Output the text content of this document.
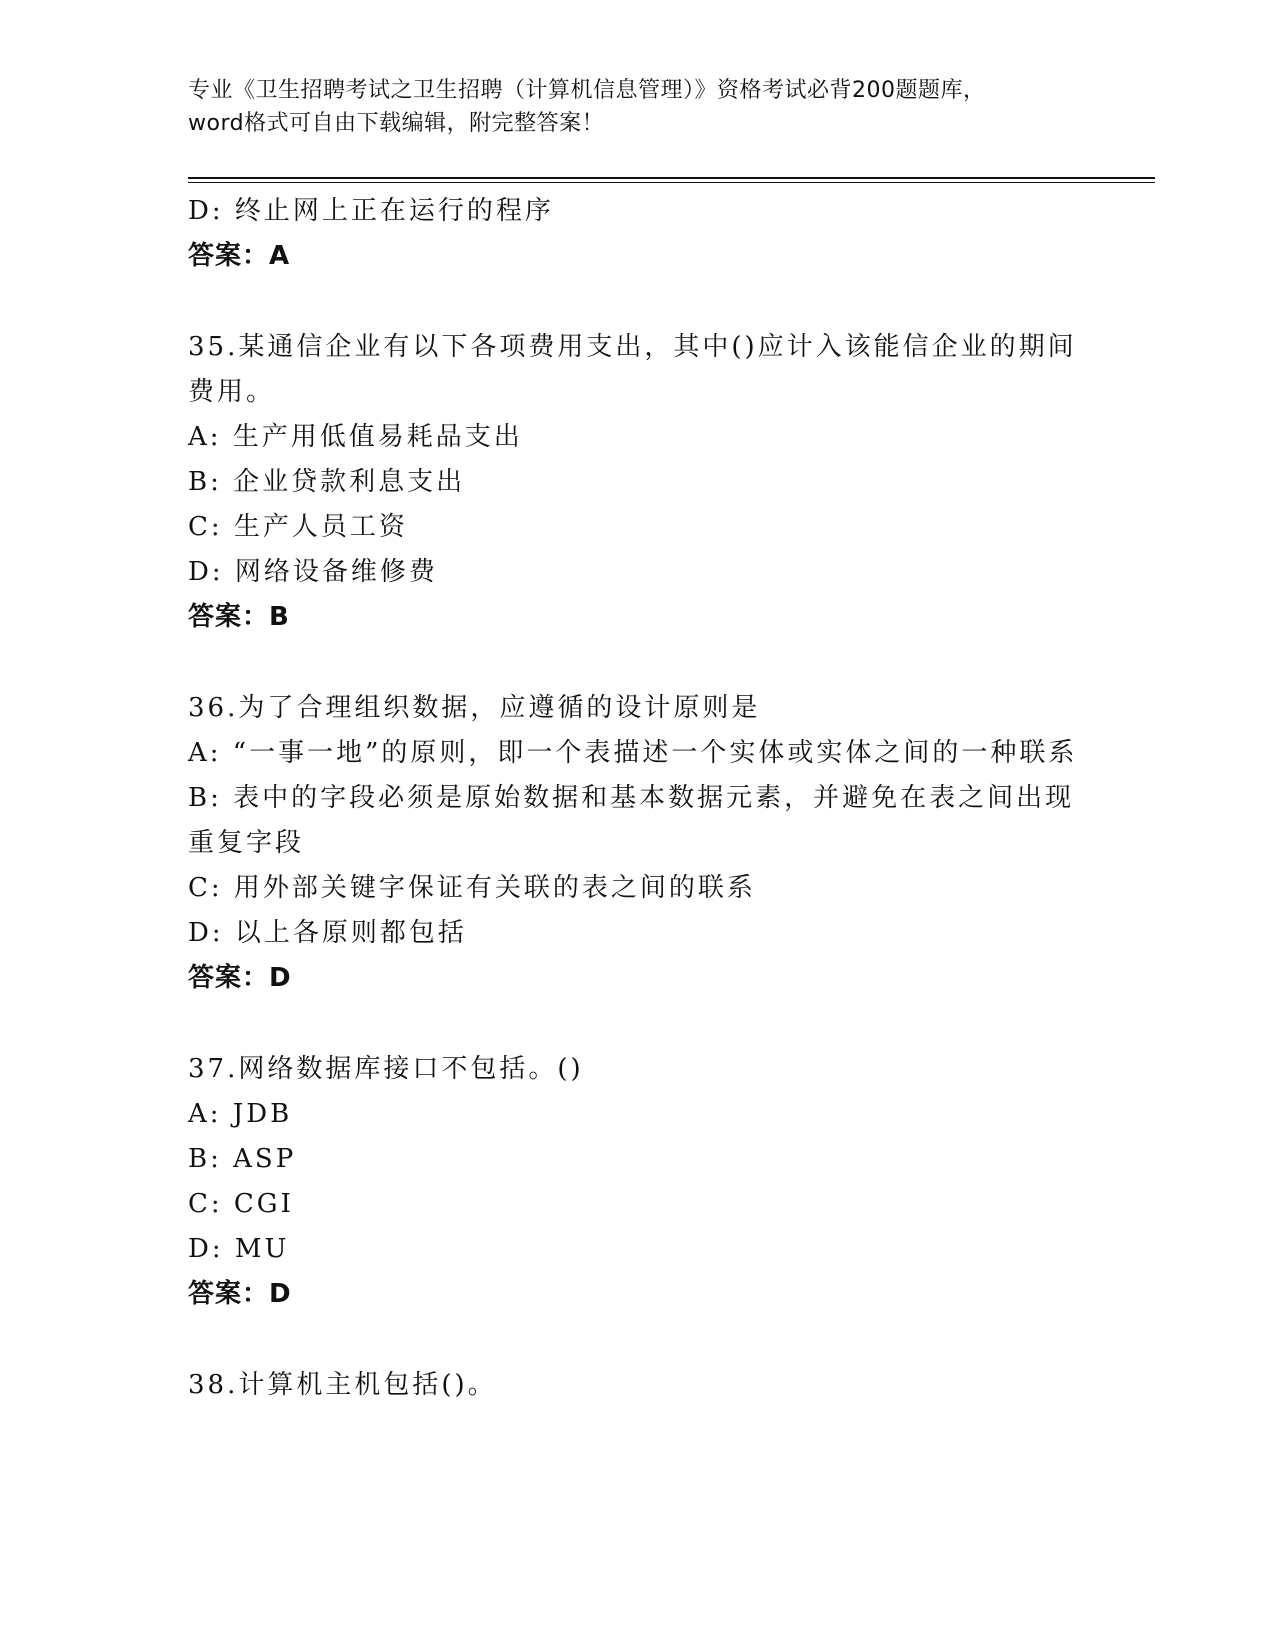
专业《卫生招聘考试之卫生招聘（计算机信息管理）》资格考试必背200题题库，
word格式可自由下载编辑，附完整答案！
D: 终止网上正在运行的程序
答案：A
35.某通信企业有以下各项费用支出，其中()应计入该能信企业的期间费用。
A: 生产用低值易耗品支出
B: 企业贷款利息支出
C: 生产人员工资
D: 网络设备维修费
答案：B
36.为了合理组织数据，应遵循的设计原则是
A: “一事一地”的原则，即一个表描述一个实体或实体之间的一种联系
B: 表中的字段必须是原始数据和基本数据元素，并避免在表之间出现重复字段
C: 用外部关键字保证有关联的表之间的联系
D: 以上各原则都包括
答案：D
37.网络数据库接口不包括。()
A: JDB
B: ASP
C: CGI
D: MU
答案：D
38.计算机主机包括()。
